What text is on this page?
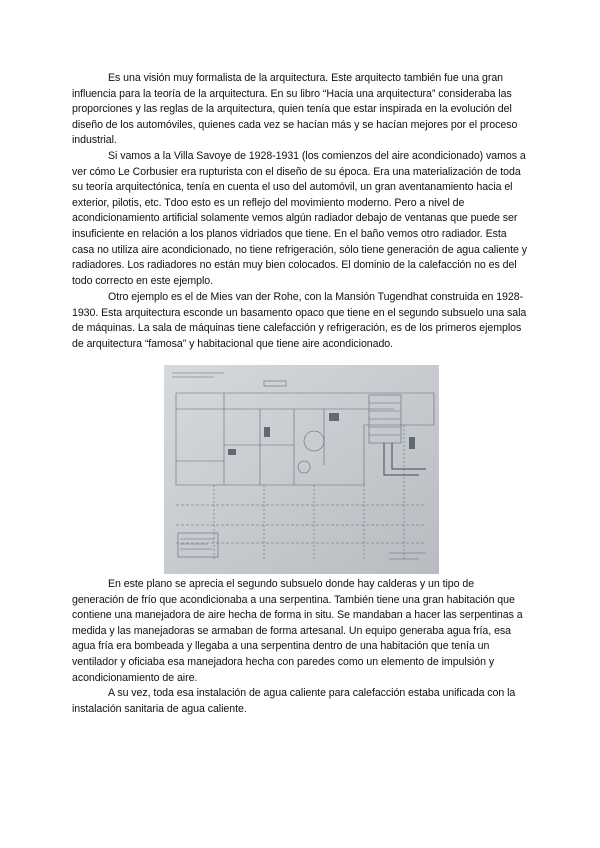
Es una visión muy formalista de la arquitectura. Este arquitecto también fue una gran influencia para la teoría de la arquitectura. En su libro “Hacia una arquitectura” consideraba las proporciones y las reglas de la arquitectura, quien tenía que estar inspirada en la evolución del diseño de los automóviles, quienes cada vez se hacían más y se hacían mejores por el proceso industrial.

Si vamos a la Villa Savoye de 1928-1931 (los comienzos del aire acondicionado) vamos a ver cómo Le Corbusier era rupturista con el diseño de su época. Era una materialización de toda su teoría arquitectónica, tenía en cuenta el uso del automóvil, un gran aventanamiento hacia el exterior, pilotis, etc. Tdoo esto es un reflejo del movimiento moderno. Pero a nivel de acondicionamiento artificial solamente vemos algún radiador debajo de ventanas que puede ser insuficiente en relación a los planos vidriados que tiene. En el baño vemos otro radiador. Esta casa no utiliza aire acondicionado, no tiene refrigeración, sólo tiene generación de agua caliente y radiadores. Los radiadores no están muy bien colocados. El dominio de la calefacción no es del todo correcto en este ejemplo.

Otro ejemplo es el de Mies van der Rohe, con la Mansión Tugendhat construida en 1928-1930. Esta arquitectura esconde un basamento opaco que tiene en el segundo subsuelo una sala de máquinas. La sala de máquinas tiene calefacción y refrigeración, es de los primeros ejemplos de arquitectura “famosa” y habitacional que tiene aire acondicionado.

En este plano se aprecia el segundo subsuelo donde hay calderas y un tipo de generación de frío que acondicionaba a una serpentina. También tiene una gran habitación que contiene una manejadora de aire hecha de forma in situ. Se mandaban a hacer las serpentinas a medida y las manejadoras se armaban de forma artesanal. Un equipo generaba agua fría, esa agua fría era bombeada y llegaba a una serpentina dentro de una habitación que tenía un ventilador y oficiaba esa manejadora hecha con paredes como un elemento de impulsión y acondicionamiento de aire.

A su vez, toda esa instalación de agua caliente para calefacción estaba unificada con la instalación sanitaria de agua caliente.
